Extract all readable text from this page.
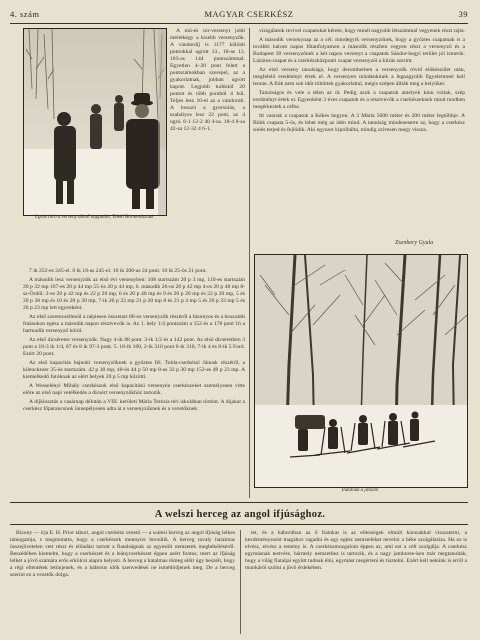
4. szám	MAGYAR CSERKÉSZ	39
Ugrás bíró a verseny döntő nappalán, Teleki Bornemisznak

A mű-és tor-versenyt jobb mértékegy a kisebb versenyzők. A vándordíj is 1177 különb pontokkal ugrott 13., 18-as 13. 183-as 144 pontszámmal. Egyetlen 4–20 pont felett a pontszámokban szerepel, az a gyakorlatnak, jobban ugrott kapott. Legjobb tudóstól 20 pontot és több pontból 4 kül. Teljes lesz 10-el az a vándorúti. A hosszú a gyorsolás, a szabályos lesz 22 pont, az 4 ugró. 6-1 12-2 40 4-sa. 18-4 8-sa 42-sa 12-32 4 6-1.

7 ik 252-es 245-el. 8 ik 18-as 245-el. 10 ik 200-as 24 pont. 10 ik 25-ös 21 pont.

A második lesz versenyzők az első évi versenyben: 108 startszám 20 p 3 mp, 110-es startszám 20 p 32 mp 167-es 20 p 44 mp 55-ös 20 p 44 mp, 6. második 26-os 20 p 42 mp 4-es 20 p 48 mp 8-sz-Ördöl: 3-es 20 p 42 mp és 22 p 20 mp, 6 és 20 p 40 mp és 9 és 20 p 20 mp és 22 p 20 mp, 5 és 20 p 38 mp és 10 és 20 p 30 mp, 7-ik 20 p 22 mp 21 p 20 mp 8 és 21 p 4 mp 5 és 20 p 33 mp 5 és 20 p 23 mp lett egyenként.

Az első szerencsétlenül a népiesen összetart 86-os versenyzők részéről a bizonyos és a hosszabb futásokon egész a második napon résztvevők is. Az 1. hely 1/4 pontszám a 152 és a 178 pont 16 a harmadik versenyző körül.

Az első dicséretes versenyzők: Nagy 4-ik 88 pont. 3-ik 1/2 és a 142 pont. Az első dicséretben 3 pont a 18-3 ik 1/4, 87 és 8 ik 97-3 pont. 5. 18-ik 100, 2-ik 310 pont 6-ik 310, 7-ik 4 és 8-ik 5 Ford. Ezért 20 pont.

Az első kapacitás bajnoki versenyzőknek a győztes fél. Tolda-cserkészi Jánosk részéről, a kilenckezer 35-ös startszám. 42 p 30 mp, 40-ös 44 p 50 mp 8-as 33 p 30 mp 152-es 48 p 23 mp. A kiemelkedő futóknak az elért helyek 20 p 5 mp közötti.

A Wesselényi Mihály cserkészok első kapacitású versenyén cserkészeket személyesen vitte előre az első napi vetélkedés a dicsért versenyzőkhöz tartozik.

A díjkiosztás a vasárnap délután a VIII. kerületi Mária Terézia téri iskolában történt. A díjakat a cserkész főparancsnok ünnepélyesen adta át a versenyzőknek és a vezetőknek.

vizsgálatok revivel csapatokat kérem, hogy minél nagyobb létszámmal vegyenek részt rajta.

A második versenynap az a cél: mindegyik versenyzőnek, hogy a győztes csapatnak is a további három napos főtanfolyamon a második részben vegyen részt a versenyző és a Budapest 30 versenyzőnek a két napos versenyt a csapatok Sándor-hegyi terület jól ismerik. Lázárus-csapat és a cserkészközponti csapat versenyzői a kiírás szerint.

Az első verseny tanulsága, hogy decemberben a versenyzők rövid előkészület után, megfelelő eredményt értek el. A versenyen mindenkinek a legnagyobb figyelemmel kell lennie. A fiúk nem sok időt töltöttek gyakorlattal, mégis szépen állták meg a helyüket.

Tanulságos és vele a télen az út. Pedig azok a csapatok amelyek kinn voltak, szép eredményt értek el. Egyenként 3 éves csapatok és a résztvevők a cserkészeknek mind rendben megérkeztek a célba.

Itt vannak a csapatok a Kékes hegyen. A 2 Mária 5000 méter és 200 méter legtöbbje. A Bükk csapata 5-ös, és lehet még az idén mind. A tanulság mindenesetre az, hogy a cserkész síelés terjed és fejlődik. Aki egyszer kipróbálta, mindig szívesen megy vissza.

Zsenbery Gyula
Indulnak a játszók
A welszi herceg az angol ifjúsághoz.

Bizony — írja E. H. Prior tábori, angol cserkész vezető — a walesi herceg az angol ifjúság lelkes támogatója, s megmutatta, hogy a cserkészek mennyire becsülik. A herceg tavaly hatalmas összejövetelen vett részt és előadást tartott a fiatalságnak az egyesült nemzetek megbékéléséről. Beszédében kiemelte, hogy a cserkészet és a leánycserkészet éppen azért fontos, mert az ifjúság lelkét a jövő számára erős erkölcsi alapra helyezi. A herceg a hatalmas tömeg előtt úgy beszélt, hogy a régi ellentétek letűnjenek, és a háborús idők szenvedései ne ismétlődjenek meg. De a herceg szerint ez a vezetők dolga.

tet, és a háborúban az ő fiainkat is az ellenségek elmúlt korszakkal visszatérni, a kezdeményezést magához ragadni és egy egész nemzedéket nevelni a béke szolgálatára. Ha ez is elvész, elvész a remény is. A cserkészmozgalom éppen az, ami ezt a célt szolgálja. A cserkész egymásnak testvére, bármely nemzethez is tartozik, és a nagy jamboree-ken már megtanulták, hogy a világ fiataljai együtt tudnak élni, egymást megérteni és tisztelni. Ezért kell nekünk is erről a munkáról szólni a jövő érdekében.
